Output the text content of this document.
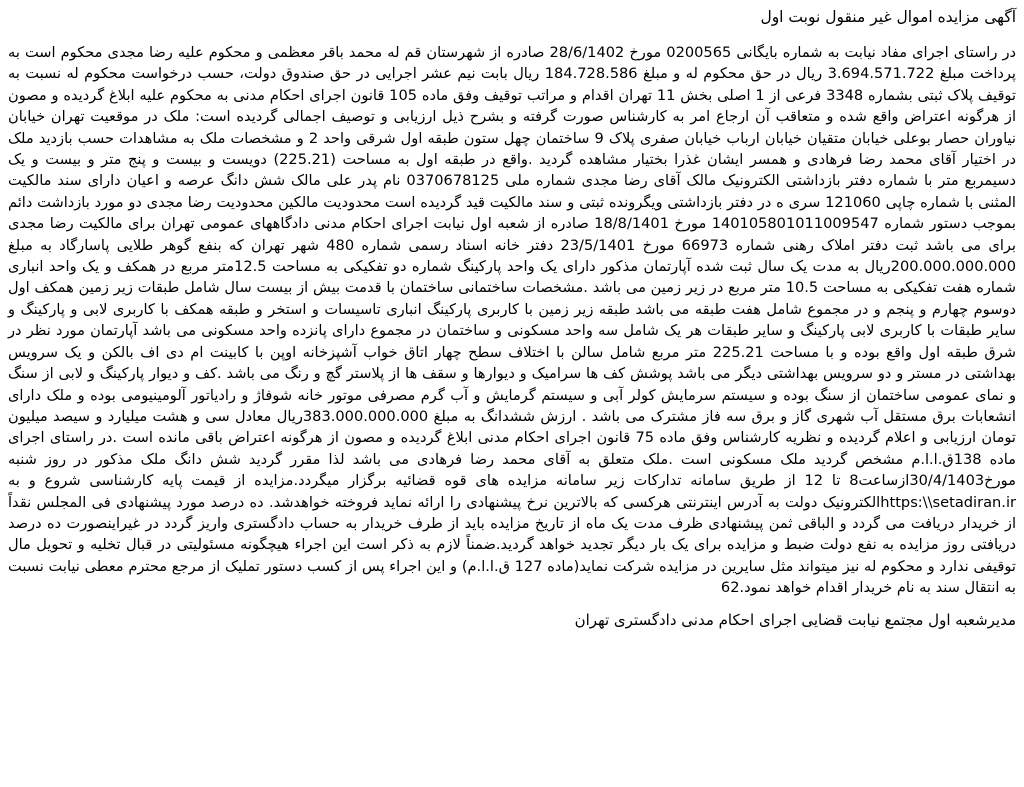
آگهی مزایده اموال غیر منقول نوبت اول

در راستای اجرای مفاد نیابت به شماره بایگانی 0200565 مورخ 28/6/1402 صادره از شهرستان قم له محمد باقر معظمی و محکوم علیه رضا مجدی محکوم است به پرداخت مبلغ 3.694.571.722 ریال در حق محکوم له و مبلغ 184.728.586 ریال بابت نیم عشر اجرایی در حق صندوق دولت، حسب درخواست محکوم له نسبت به توقیف پلاک ثبتی بشماره 3348 فرعی از 1 اصلی بخش 11 تهران اقدام و مراتب توقیف وفق ماده 105 قانون اجرای احکام مدنی به محکوم علیه ابلاغ گردیده و مصون از هرگونه اعتراض واقع شده و متعاقب آن ارجاع امر به کارشناس صورت گرفته و بشرح ذیل ارزیابی و توصیف اجمالی گردیده است: ملک در موقعیت تهران خیابان نیاوران حصار بوعلی خیابان متقیان خیابان ارباب خیابان صفری پلاک 9 ساختمان چهل ستون طبقه اول شرقی واحد 2 و مشخصات ملک به مشاهدات حسب بازدید ملک در اختیار آقای محمد رضا فرهادی و همسر ایشان غذرا بختیار مشاهده گردید .واقع در طبقه اول به مساحت (225.21) دویست و بیست و پنج متر و بیست و یک دسیمربع متر با شماره دفتر بازداشتی الکترونیک مالک آقای رضا مجدی شماره ملی 0370678125 نام پدر علی مالک شش دانگ عرصه و اعیان دارای سند مالکیت المثنی با شماره چاپی 121060 سری ه در دفتر بازداشتی ویگرونده ثبتی و سند مالکیت قید گردیده است محدودیت مالکین محدودیت رضا مجدی دو مورد بازداشت دائم بموجب دستور شماره 140105801011009547 مورخ 18/8/1401 صادره از شعبه اول نیابت اجرای احکام مدنی دادگاههای عمومی تهران برای مالکیت رضا مجدی برای می باشد ثبت دفتر املاک رهنی شماره 66973 مورخ 23/5/1401 دفتر خانه اسناد رسمی شماره 480 شهر تهران که بنفع گوهر طلایی پاسارگاد به مبلغ 200.000.000.000ریال به مدت یک سال ثبت شده آپارتمان مذکور دارای یک واحد پارکینگ شماره دو تفکیکی به مساحت 12.5متر مربع در همکف و یک واحد انباری شماره هفت تفکیکی به مساحت 10.5 متر مربع در زیر زمین می باشد .مشخصات ساختمانی ساختمان با قدمت بیش از بیست سال شامل طبقات زیر زمین همکف اول دوسوم چهارم و پنجم و در مجموع شامل هفت طبقه می باشد طبقه زیر زمین با کاربری پارکینگ انباری تاسیسات و استخر و طبقه همکف با کاربری لابی و پارکینگ و سایر طبقات با کاربری لابی پارکینگ و سایر طبقات هر یک شامل سه واحد مسکونی و ساختمان در مجموع دارای پانزده واحد مسکونی می باشد آپارتمان مورد نظر در شرق طبقه اول واقع بوده و با مساحت 225.21 متر مربع شامل سالن با اختلاف سطح چهار اتاق خواب آشپزخانه اوپن با کابینت ام دی اف بالکن و یک سرویس بهداشتی در مستر و دو سرویس بهداشتی دیگر می باشد پوشش کف ها سرامیک و دیوارها و سقف ها از پلاستر گچ و رنگ می باشد .کف و دیوار پارکینگ و لابی از سنگ و نمای عمومی ساختمان از سنگ بوده و سیستم سرمایش کولر آبی و سیستم گرمایش و آب گرم مصرفی موتور خانه شوفاژ و رادیاتور آلومینیومی بوده و ملک دارای انشعابات برق مستقل آب شهری گاز و برق سه فاز مشترک می باشد . ارزش ششدانگ به مبلغ 383.000.000.000ریال معادل سی و هشت میلیارد و سیصد میلیون تومان ارزیابی و اعلام گردیده و نظریه کارشناس وفق ماده 75 قانون اجرای احکام مدنی ابلاغ گردیده و مصون از هرگونه اعتراض باقی مانده است .در راستای اجرای ماده 138ق.ا.ا.م مشخص گردید ملک مسکونی است .ملک متعلق به آقای محمد رضا فرهادی می باشد لذا مقرر گردید شش دانگ ملک مذکور در روز شنبه مورخ30/4/1403ازساعت8 تا 12 از طریق سامانه تدارکات زیر سامانه مزایده های قوه قضائیه برگزار میگردد.مزایده از قیمت پایه کارشناسی شروع و به https:\\setadiran.irالکترونیک دولت به آدرس اینترنتی هرکسی که بالاترین نرخ پیشنهادی را ارائه نماید فروخته خواهدشد. ده درصد مورد پیشنهادی فی المجلس نقداً از خریدار دریافت می گردد و الباقی ثمن پیشنهادی ظرف مدت یک ماه از تاریخ مزایده باید از طرف خریدار به حساب دادگستری واریز گردد در غیراینصورت ده درصد دریافتی روز مزایده به نفع دولت ضبط و مزایده برای یک بار دیگر تجدید خواهد گردید.ضمناً لازم به ذکر است این اجراء هیچگونه مسئولیتی در قبال تخلیه و تحویل مال توقیفی ندارد و محکوم له نیز میتواند مثل سایرین در مزایده شرکت نماید(ماده 127 ق.ا.ا.م) و این اجراء پس از کسب دستور تملیک از مرجع محترم معطی نیابت نسبت به انتقال سند به نام خریدار اقدام خواهد نمود.62

مدیرشعبه اول مجتمع نیابت قضایی اجرای احکام مدنی دادگستری تهران
